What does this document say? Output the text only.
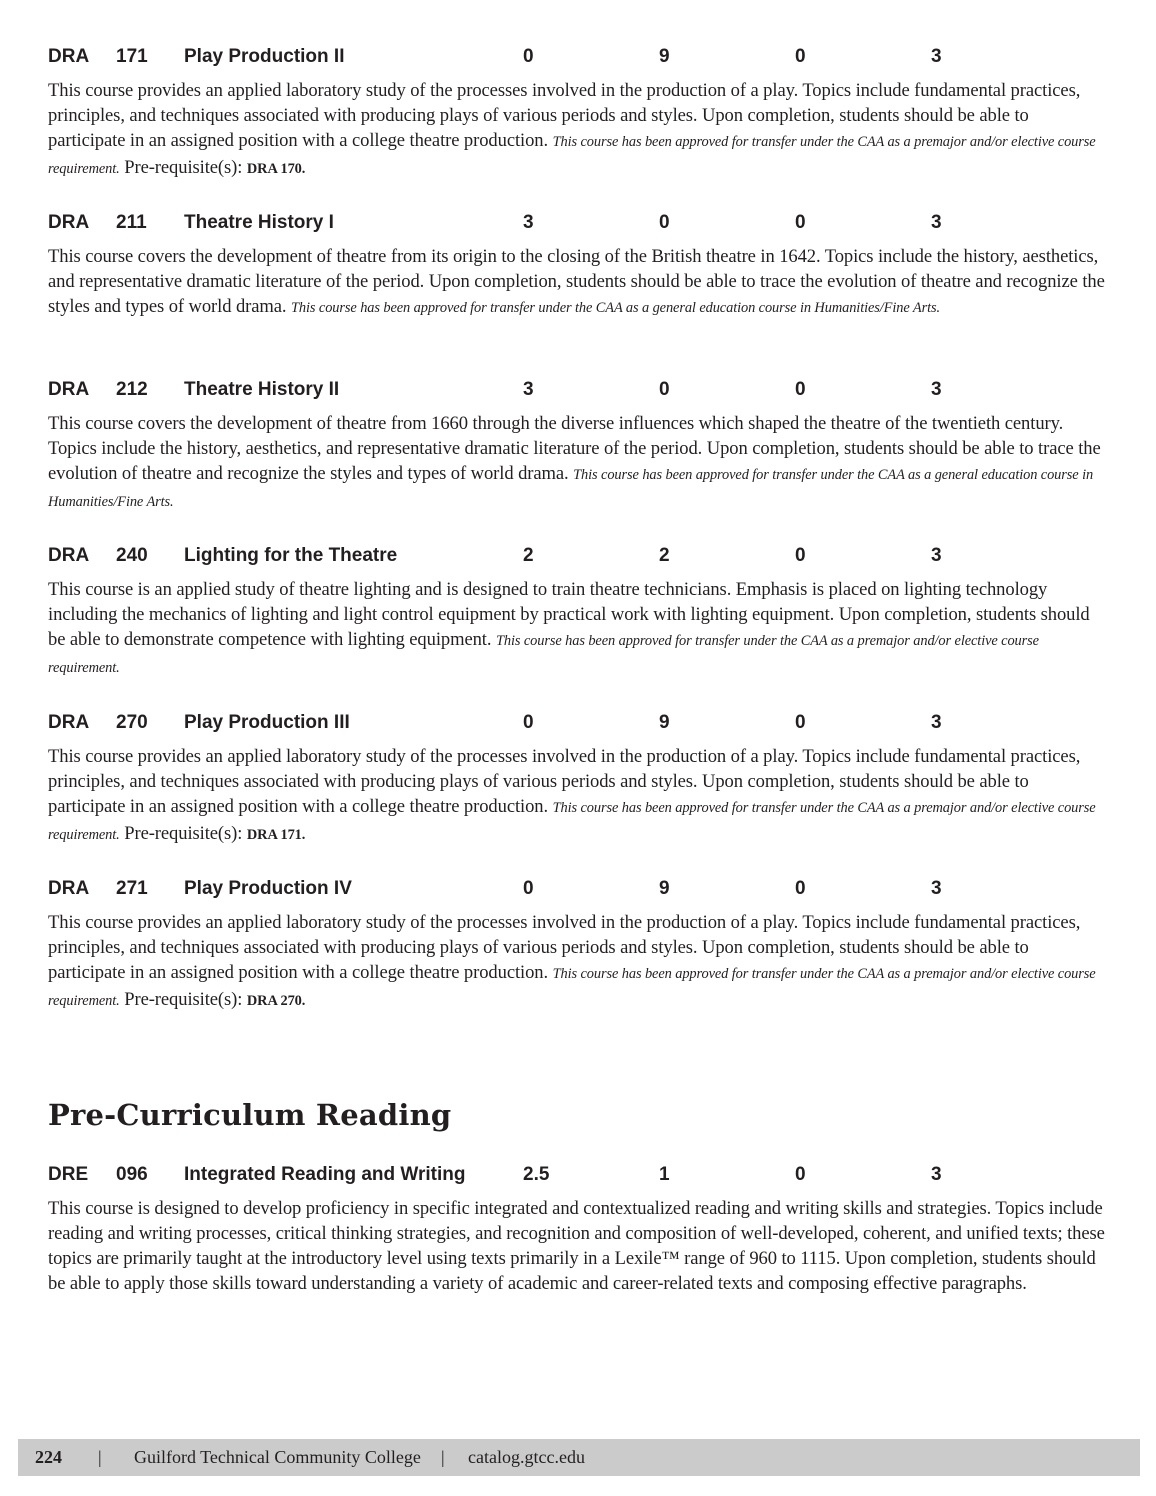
DRA 171 Play Production II	0	9	0	3

This course provides an applied laboratory study of the processes involved in the production of a play. Topics include fundamental practices, principles, and techniques associated with producing plays of various periods and styles. Upon completion, students should be able to participate in an assigned position with a college theatre production. This course has been approved for transfer under the CAA as a premajor and/or elective course requirement. Pre-requisite(s): DRA 170.

DRA 211 Theatre History I	3	0	0	3

This course covers the development of theatre from its origin to the closing of the British theatre in 1642. Topics include the history, aesthetics, and representative dramatic literature of the period. Upon completion, students should be able to trace the evolution of theatre and recognize the styles and types of world drama. This course has been approved for transfer under the CAA as a general education course in Humanities/Fine Arts.

DRA 212 Theatre History II	3	0	0	3

This course covers the development of theatre from 1660 through the diverse influences which shaped the theatre of the twentieth century. Topics include the history, aesthetics, and representative dramatic literature of the period. Upon completion, students should be able to trace the evolution of theatre and recognize the styles and types of world drama. This course has been approved for transfer under the CAA as a general education course in Humanities/Fine Arts.

DRA 240 Lighting for the Theatre	2	2	0	3

This course is an applied study of theatre lighting and is designed to train theatre technicians. Emphasis is placed on lighting technology including the mechanics of lighting and light control equipment by practical work with lighting equipment. Upon completion, students should be able to demonstrate competence with lighting equipment. This course has been approved for transfer under the CAA as a premajor and/or elective course requirement.

DRA 270 Play Production III	0	9	0	3

This course provides an applied laboratory study of the processes involved in the production of a play. Topics include fundamental practices, principles, and techniques associated with producing plays of various periods and styles. Upon completion, students should be able to participate in an assigned position with a college theatre production. This course has been approved for transfer under the CAA as a premajor and/or elective course requirement. Pre-requisite(s): DRA 171.

DRA 271 Play Production IV	0	9	0	3

This course provides an applied laboratory study of the processes involved in the production of a play. Topics include fundamental practices, principles, and techniques associated with producing plays of various periods and styles. Upon completion, students should be able to participate in an assigned position with a college theatre production. This course has been approved for transfer under the CAA as a premajor and/or elective course requirement. Pre-requisite(s): DRA 270.

DRE 096 Integrated Reading and Writing	2.5	1	0	3

This course is designed to develop proficiency in specific integrated and contextualized reading and writing skills and strategies. Topics include reading and writing processes, critical thinking strategies, and recognition and composition of well-developed, coherent, and unified texts; these topics are primarily taught at the introductory level using texts primarily in a Lexile™ range of 960 to 1115. Upon completion, students should be able to apply those skills toward understanding a variety of academic and career-related texts and composing effective paragraphs.

Pre-Curriculum Reading
224 | Guilford Technical Community College | catalog.gtcc.edu
